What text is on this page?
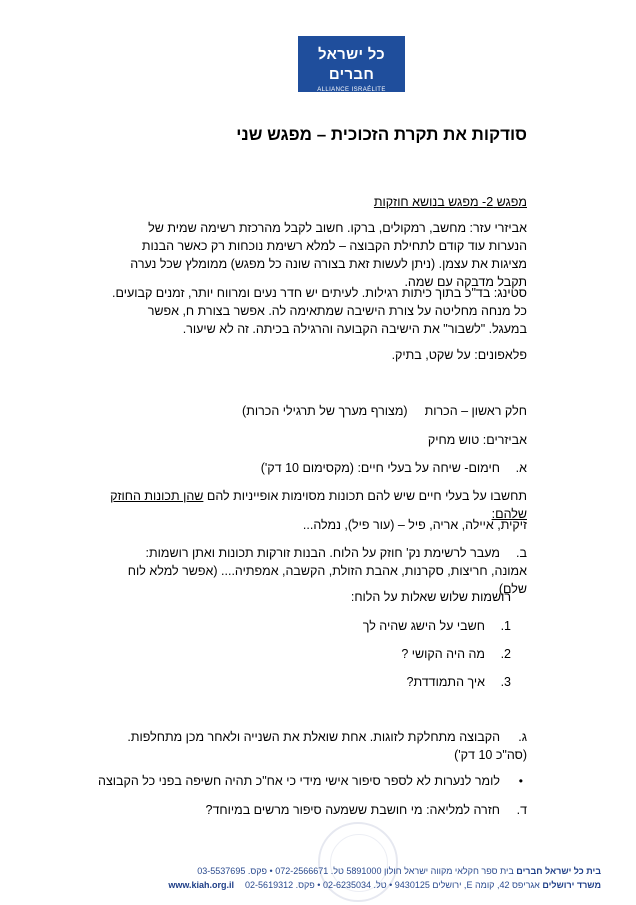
כל ישראל חברים
ALLIANCE ISRAÉLITE UNIVERSELLE
סודקות את תקרת הזכוכית – מפגש שני
מפגש 2- מפגש בנושא חוזקות

אביזרי עזר: מחשב, רמקולים, ברקו. חשוב לקבל מהרכזת רשימה שמית של הנערות עוד קודם לתחילת הקבוצה – למלא רשימת נוכחות רק כאשר הבנות מציגות את עצמן. (ניתן לעשות זאת בצורה שונה כל מפגש) ממומלץ שכל נערה תקבל מדבקה עם שמה.

סטינג: בד"כ בתוך כיתות רגילות. לעיתים יש חדר נעים ומרווח יותר, זמנים קבועים. כל מנחה מחליטה על צורת הישיבה שמתאימה לה. אפשר בצורת ח, אפשר במעגל. "לשבור" את הישיבה הקבועה והרגילה בכיתה. זה לא שיעור.

פלאפונים: על שקט, בתיק.
חלק ראשון – הכרות  (מצורף מערך של תרגילי הכרות)
אביזרים: טוש מחיק
א.
חימום- שיחה על בעלי חיים: (מקסימום 10 דק')
תחשבו על בעלי חיים שיש להם תכונות מסוימות אופייניות להם שהן תכונות החוזק שלהם:
זיקית, איילה, אריה, פיל – (עור פיל), נמלה...
ב.
מעבר לרשימת נק' חוזק על הלוח. הבנות זורקות תכונות ואתן רושמות: אמונה, חריצות, סקרנות, אהבת הזולת, הקשבה, אמפתיה.... (אפשר למלא לוח שלם)
רושמות שלוש שאלות על הלוח:
1.
חשבי על הישג שהיה לך
2.
מה היה הקושי ?
3.
איך התמודדת?
ג.
הקבוצה מתחלקת לזוגות. אחת שואלת את השנייה ולאחר מכן מתחלפות. (סה"כ 10 דק')
•
לומר לנערות לא לספר סיפור אישי מידי כי אח"כ תהיה חשיפה בפני כל הקבוצה
ד.
חזרה למליאה: מי חושבת ששמעה סיפור מרשים במיוחד?
בית כל ישראל חברים בית ספר חקלאי מקווה ישראל חולון 5891000 טל. 072-2566671 • פקס. 03-5537695
משרד ירושלים אגריפס 42, קומה E, ירושלים 9430125 • טל. 02-6235034 • פקס. 02-5619312  www.kiah.org.il
